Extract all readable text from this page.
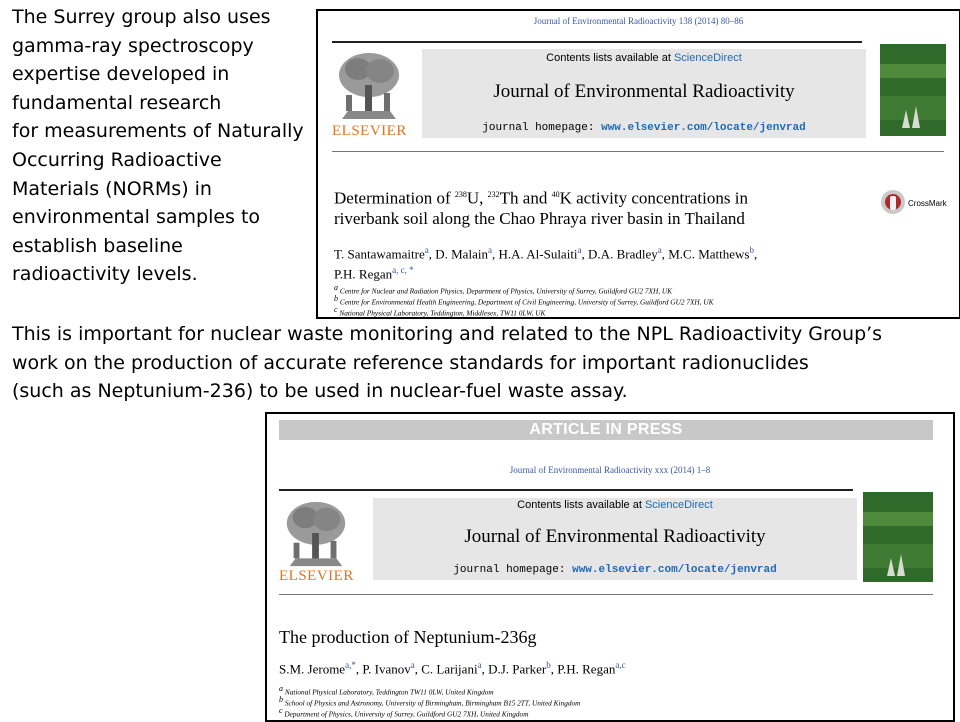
The Surrey group also uses
gamma-ray spectroscopy
expertise developed in
fundamental research
for measurements of Naturally
Occurring Radioactive
Materials (NORMs) in
environmental samples to
establish baseline
radioactivity levels.
Journal of Environmental Radioactivity 138 (2014) 80–86
ELSEVIER
Contents lists available at ScienceDirect
Journal of Environmental Radioactivity
journal homepage: www.elsevier.com/locate/jenvrad
Determination of $^{238}$U, $^{232}$Th and $^{40}$K activity concentrations in
riverbank soil along the Chao Phraya river basin in Thailand
CrossMark
T. Santawamaitre$^a$, D. Malain$^a$, H.A. Al-Sulaiti$^a$, D.A. Bradley$^a$, M.C. Matthews$^b$,
P.H. Regan$^{a, c, *}$
a Centre for Nuclear and Radiation Physics, Department of Physics, University of Surrey, Guildford GU2 7XH, UK
b Centre for Environmental Health Engineering, Department of Civil Engineering, University of Surrey, Guildford GU2 7XH, UK
c National Physical Laboratory, Teddington, Middlesex, TW11 0LW, UK
This is important for nuclear waste monitoring and related to the NPL Radioactivity Group’s
work on the production of accurate reference standards for important radionuclides
(such as Neptunium-236) to be used in nuclear-fuel waste assay.
ARTICLE IN PRESS
Journal of Environmental Radioactivity xxx (2014) 1–8
ELSEVIER
Contents lists available at ScienceDirect
Journal of Environmental Radioactivity
journal homepage: www.elsevier.com/locate/jenvrad
The production of Neptunium-236g
S.M. Jerome$^{a,*}$, P. Ivanov$^a$, C. Larijani$^a$, D.J. Parker$^b$, P.H. Regan$^{a,c}$
a National Physical Laboratory, Teddington TW11 0LW, United Kingdom
b School of Physics and Astronomy, University of Birmingham, Birmingham B15 2TT, United Kingdom
c Department of Physics, University of Surrey, Guildford GU2 7XH, United Kingdom
